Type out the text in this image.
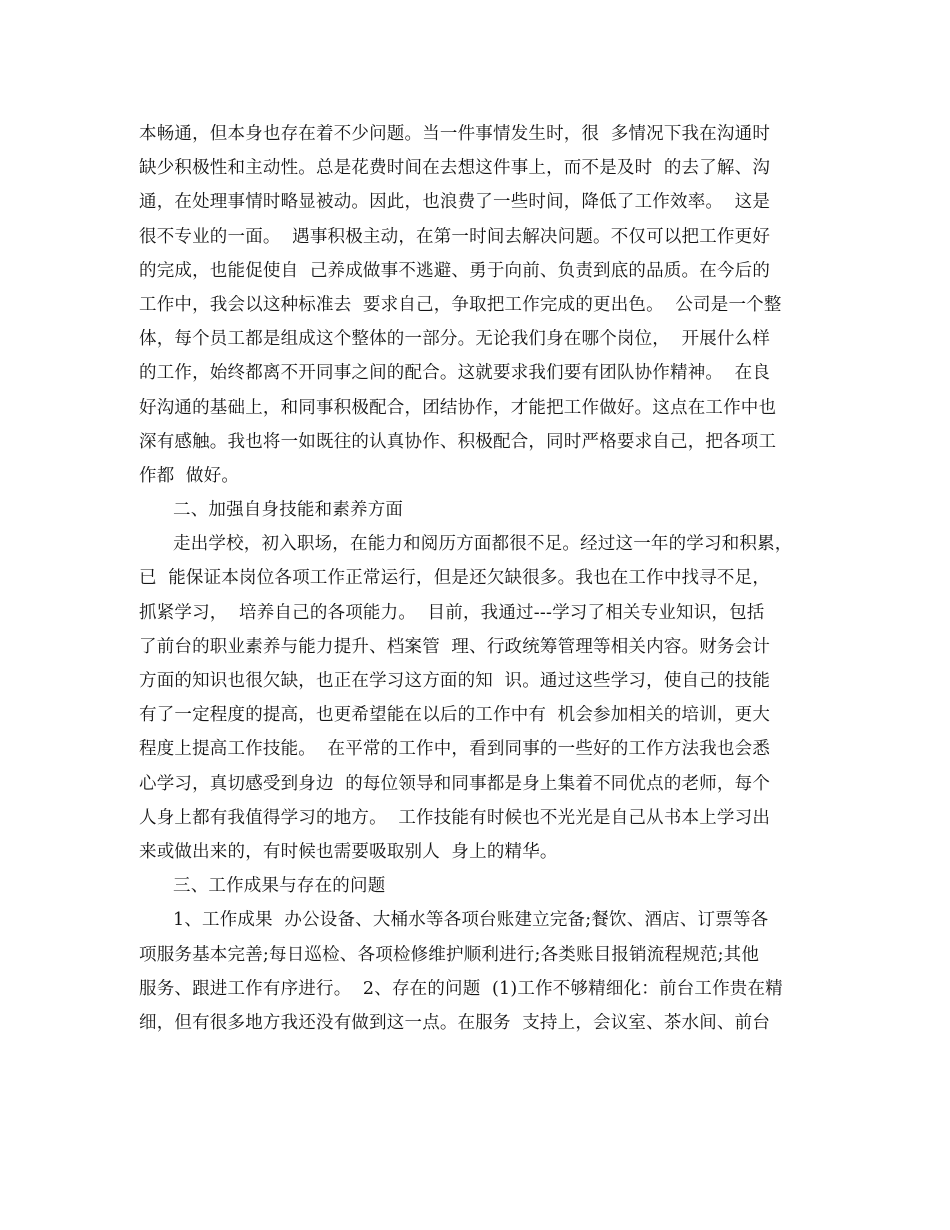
本畅通，但本身也存在着不少问题。当一件事情发生时，很  多情况下我在沟通时
缺少积极性和主动性。总是花费时间在去想这件事上，而不是及时  的去了解、沟
通，在处理事情时略显被动。因此，也浪费了一些时间，降低了工作效率。  这是
很不专业的一面。  遇事积极主动，在第一时间去解决问题。不仅可以把工作更好
的完成，也能促使自  己养成做事不逃避、勇于向前、负责到底的品质。在今后的
工作中，我会以这种标准去  要求自己，争取把工作完成的更出色。  公司是一个整
体，每个员工都是组成这个整体的一部分。无论我们身在哪个岗位，  开展什么样
的工作，始终都离不开同事之间的配合。这就要求我们要有团队协作精神。  在良
好沟通的基础上，和同事积极配合，团结协作，才能把工作做好。这点在工作中也
深有感触。我也将一如既往的认真协作、积极配合，同时严格要求自己，把各项工
作都  做好。
二、加强自身技能和素养方面
走出学校，初入职场，在能力和阅历方面都很不足。经过这一年的学习和积累，
已  能保证本岗位各项工作正常运行，但是还欠缺很多。我也在工作中找寻不足，
抓紧学习，  培养自己的各项能力。  目前，我通过---学习了相关专业知识，包括
了前台的职业素养与能力提升、档案管  理、行政统筹管理等相关内容。财务会计
方面的知识也很欠缺，也正在学习这方面的知  识。通过这些学习，使自己的技能
有了一定程度的提高，也更希望能在以后的工作中有  机会参加相关的培训，更大
程度上提高工作技能。  在平常的工作中，看到同事的一些好的工作方法我也会悉
心学习，真切感受到身边  的每位领导和同事都是身上集着不同优点的老师，每个
人身上都有我值得学习的地方。  工作技能有时候也不光光是自己从书本上学习出
来或做出来的，有时候也需要吸取别人  身上的精华。
三、工作成果与存在的问题
1、工作成果  办公设备、大桶水等各项台账建立完备;餐饮、酒店、订票等各
项服务基本完善;每日巡检、各项检修维护顺利进行;各类账目报销流程规范;其他
服务、跟进工作有序进行。  2、存在的问题  (1)工作不够精细化：前台工作贵在精
细，但有很多地方我还没有做到这一点。在服务  支持上，会议室、茶水间、前台
